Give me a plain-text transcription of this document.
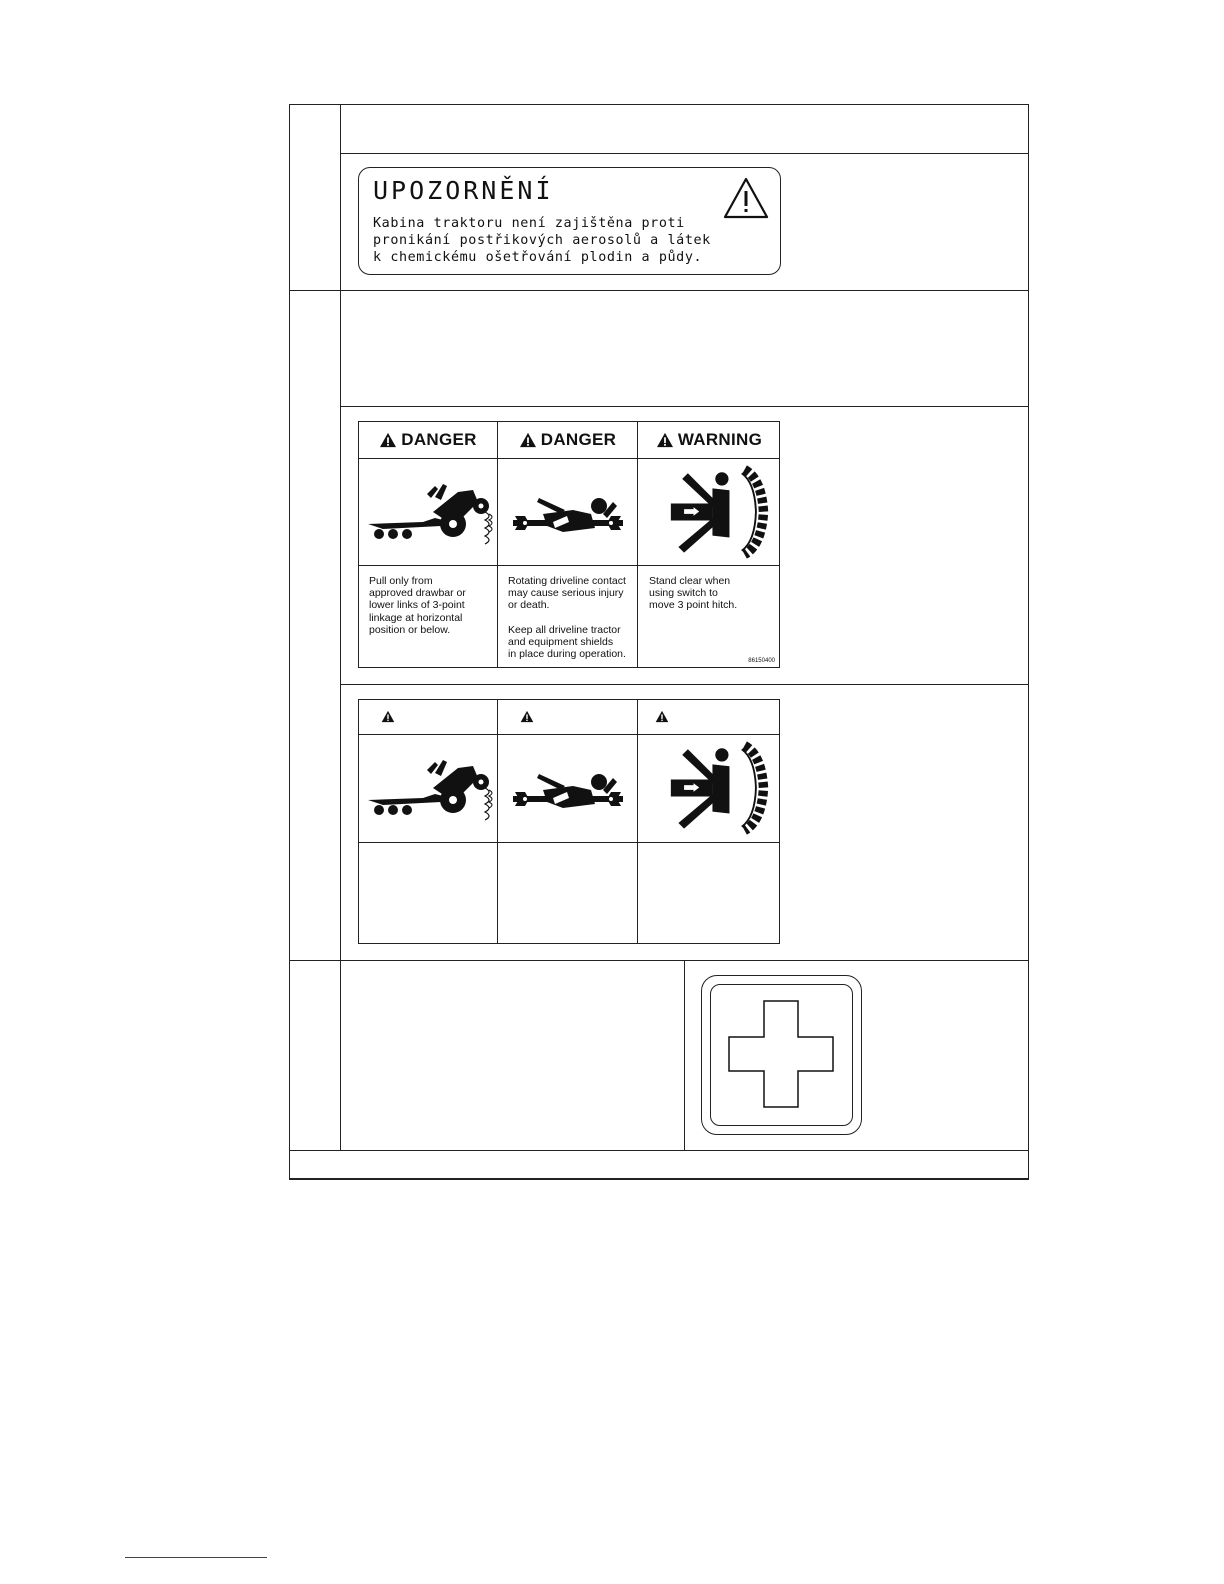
UPOZORNĚNÍ
Kabina traktoru není zajištěna proti
pronikání postřikových aerosolů a látek
k chemickému ošetřování plodin a půdy.
DANGER	DANGER	WARNING
Pull only from
approved drawbar or
lower links of 3-point
linkage at horizontal
position or below.
Rotating driveline contact
may cause serious injury
or death.

Keep all driveline tractor
and equipment shields
in place during operation.
Stand clear when
using switch to
move 3 point hitch.
86150400
